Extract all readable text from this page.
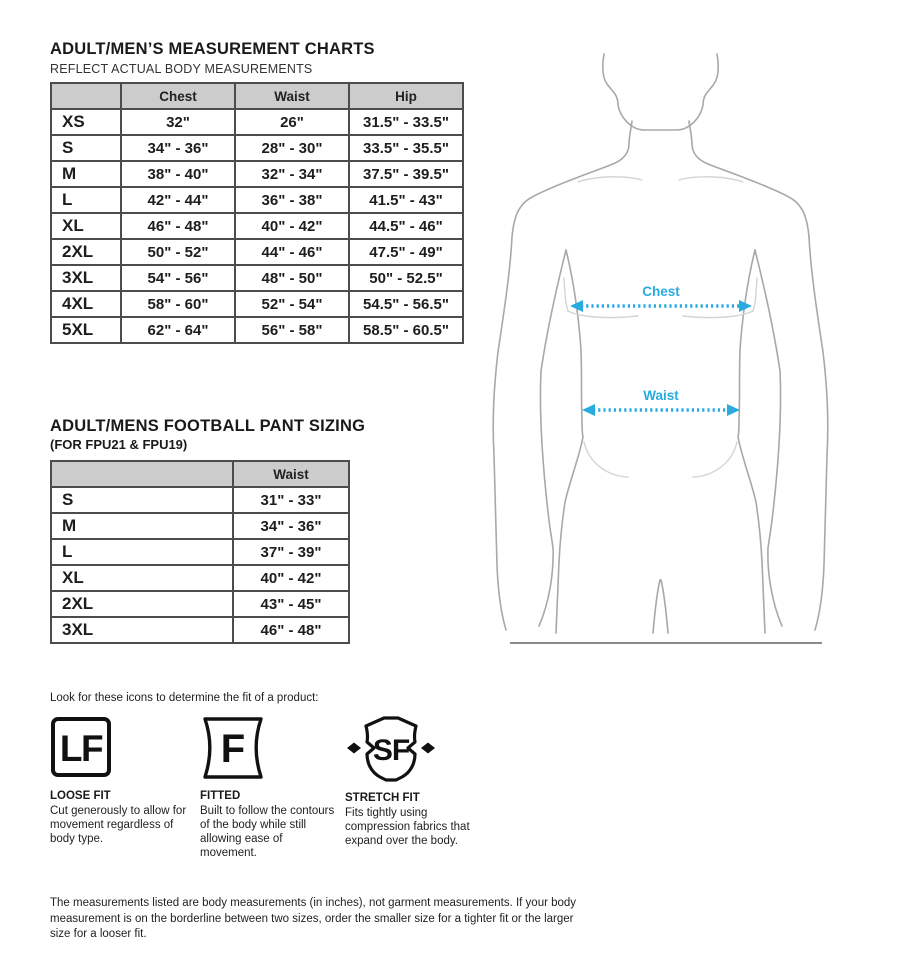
ADULT/MEN’S MEASUREMENT CHARTS
REFLECT ACTUAL BODY MEASUREMENTS
	Chest	Waist	Hip
XS	32"	26"	31.5" - 33.5"
S	34" - 36"	28" - 30"	33.5" - 35.5"
M	38" - 40"	32" - 34"	37.5" - 39.5"
L	42" - 44"	36" - 38"	41.5" - 43"
XL	46" - 48"	40" - 42"	44.5" - 46"
2XL	50" - 52"	44" - 46"	47.5" - 49"
3XL	54" - 56"	48" - 50"	50" - 52.5"
4XL	58" - 60"	52" - 54"	54.5" - 56.5"
5XL	62" - 64"	56" - 58"	58.5" - 60.5"
ADULT/MENS FOOTBALL PANT SIZING
(FOR FPU21 & FPU19)
	Waist
S	31" - 33"
M	34" - 36"
L	37" - 39"
XL	40" - 42"
2XL	43" - 45"
3XL	46" - 48"
Look for these icons to determine the fit of a product:
LF
LOOSE FIT
Cut generously to allow for movement regardless of body type.
F
FITTED
Built to follow the contours of the body while still allowing ease of movement.
SF
STRETCH FIT
Fits tightly using compression fabrics that expand over the body.
The measurements listed are body measurements (in inches), not garment measurements. If your body measurement is on the borderline between two sizes, order the smaller size for a tighter fit or the larger size for a looser fit.
Chest
Waist
